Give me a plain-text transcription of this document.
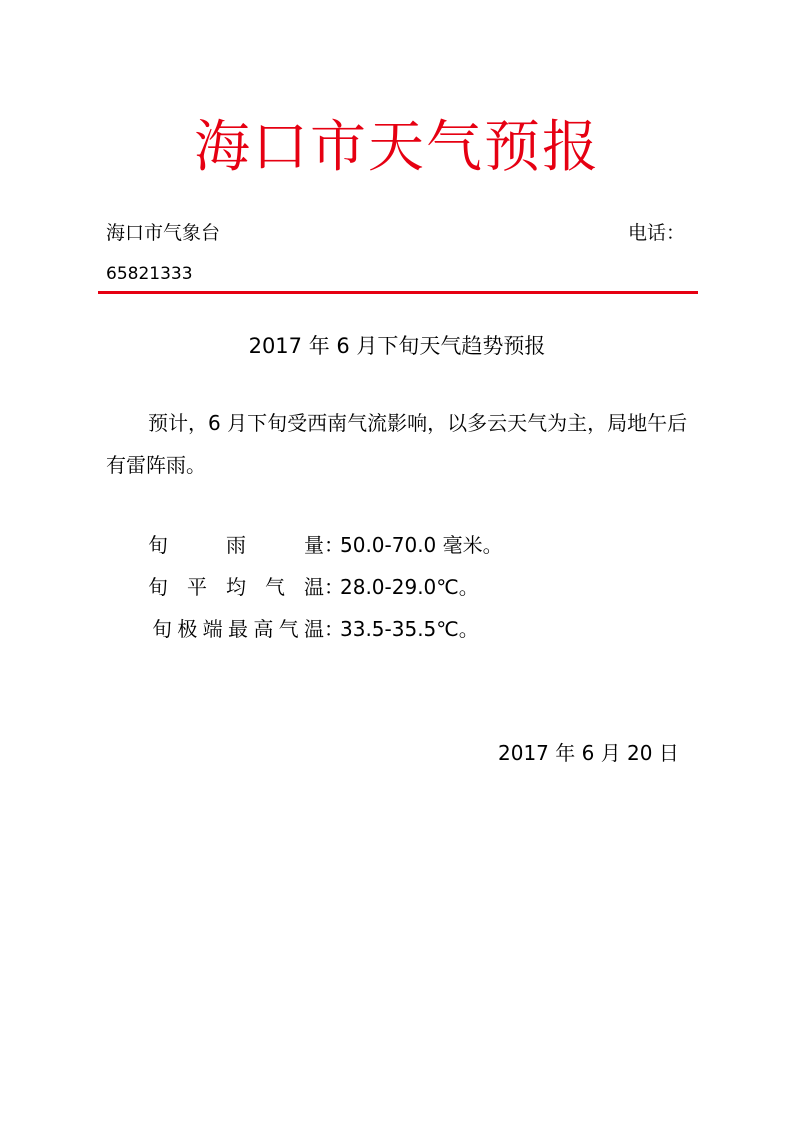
海口市天气预报
海口市气象台	电话：
65821333
2017 年 6 月下旬天气趋势预报
预计，6 月下旬受西南气流影响，以多云天气为主，局地午后有雷阵雨。
旬	雨	量 ：
50.0-70.0 毫米。
旬 平 均 气 温 ：
28.0-29.0℃。
旬 极 端 最 高 气 温 ：
33.5-35.5℃。
2017 年 6 月 20 日
